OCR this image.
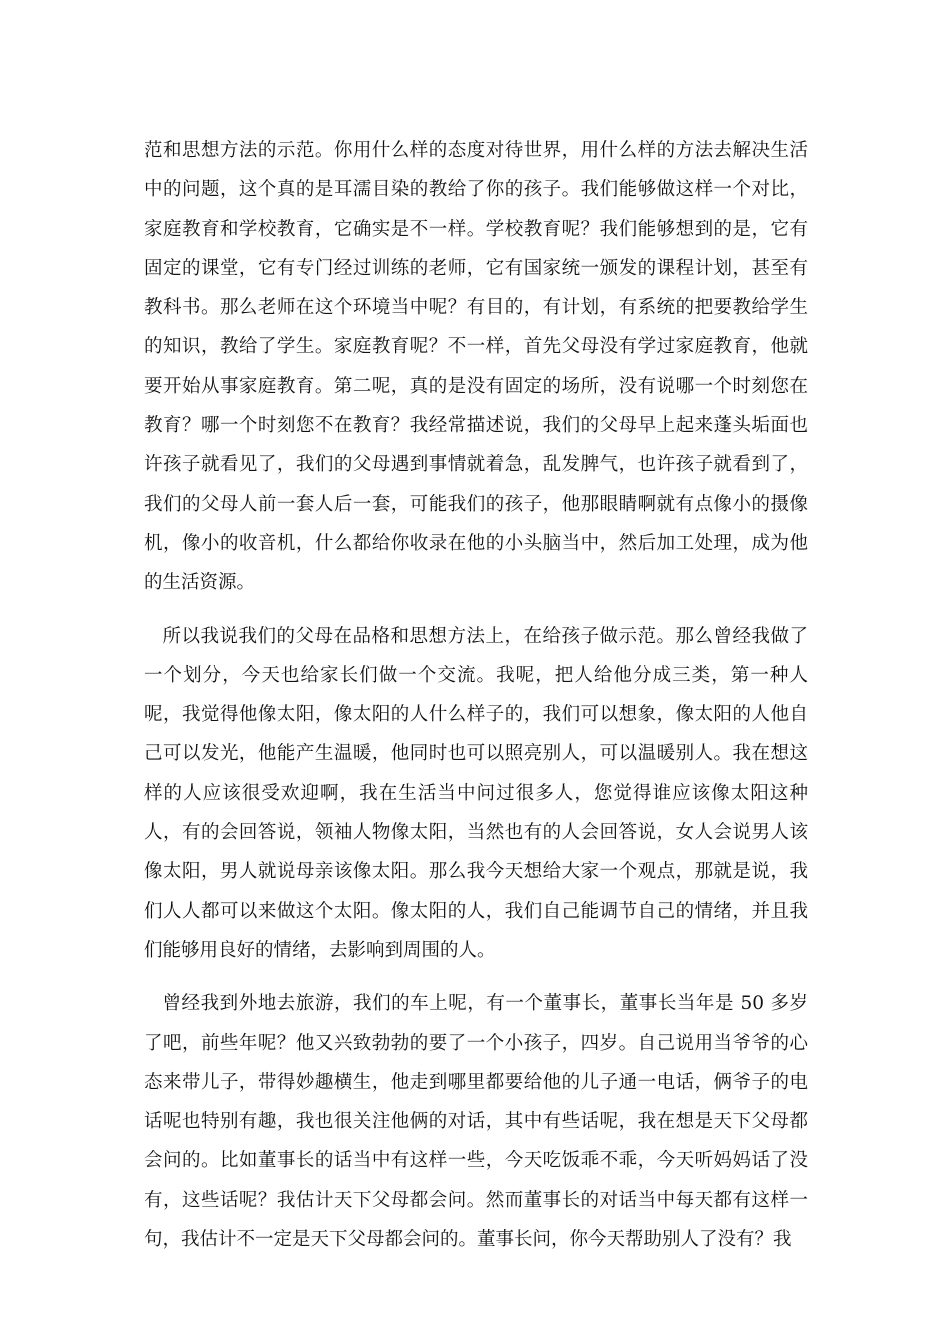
范和思想方法的示范。你用什么样的态度对待世界，用什么样的方法去解决生活中的问题，这个真的是耳濡目染的教给了你的孩子。我们能够做这样一个对比，家庭教育和学校教育，它确实是不一样。学校教育呢？我们能够想到的是，它有固定的课堂，它有专门经过训练的老师，它有国家统一颁发的课程计划，甚至有教科书。那么老师在这个环境当中呢？有目的，有计划，有系统的把要教给学生的知识，教给了学生。家庭教育呢？不一样，首先父母没有学过家庭教育，他就要开始从事家庭教育。第二呢，真的是没有固定的场所，没有说哪一个时刻您在教育？哪一个时刻您不在教育？我经常描述说，我们的父母早上起来蓬头垢面也许孩子就看见了，我们的父母遇到事情就着急，乱发脾气，也许孩子就看到了，我们的父母人前一套人后一套，可能我们的孩子，他那眼睛啊就有点像小的摄像机，像小的收音机，什么都给你收录在他的小头脑当中，然后加工处理，成为他的生活资源。

所以我说我们的父母在品格和思想方法上，在给孩子做示范。那么曾经我做了一个划分，今天也给家长们做一个交流。我呢，把人给他分成三类，第一种人呢，我觉得他像太阳，像太阳的人什么样子的，我们可以想象，像太阳的人他自己可以发光，他能产生温暖，他同时也可以照亮别人，可以温暖别人。我在想这样的人应该很受欢迎啊，我在生活当中问过很多人，您觉得谁应该像太阳这种人，有的会回答说，领袖人物像太阳，当然也有的人会回答说，女人会说男人该像太阳，男人就说母亲该像太阳。那么我今天想给大家一个观点，那就是说，我们人人都可以来做这个太阳。像太阳的人，我们自己能调节自己的情绪，并且我们能够用良好的情绪，去影响到周围的人。

曾经我到外地去旅游，我们的车上呢，有一个董事长，董事长当年是 50 多岁了吧，前些年呢？他又兴致勃勃的要了一个小孩子，四岁。自己说用当爷爷的心态来带儿子，带得妙趣横生，他走到哪里都要给他的儿子通一电话，俩爷子的电话呢也特别有趣，我也很关注他俩的对话，其中有些话呢，我在想是天下父母都会问的。比如董事长的话当中有这样一些，今天吃饭乖不乖，今天听妈妈话了没有，这些话呢？我估计天下父母都会问。然而董事长的对话当中每天都有这样一句，我估计不一定是天下父母都会问的。董事长问，你今天帮助别人了没有？我
